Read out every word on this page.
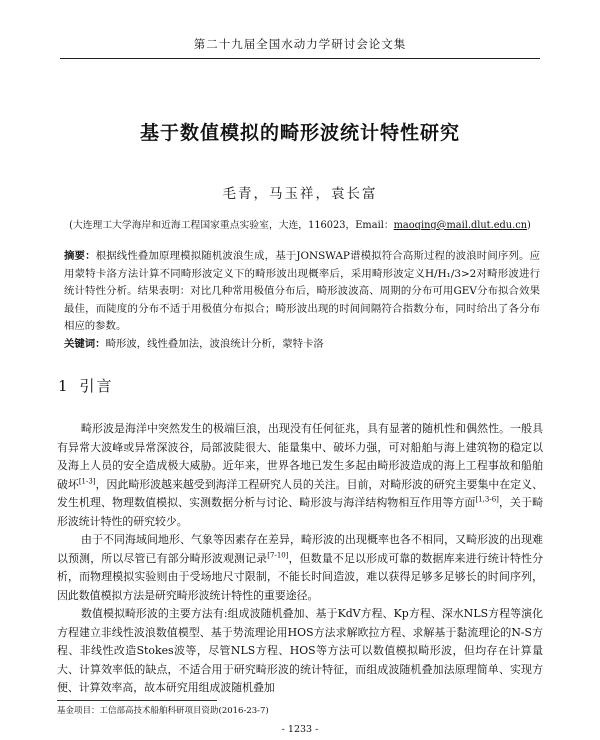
第二十九届全国水动力学研讨会论文集
基于数值模拟的畸形波统计特性研究
毛青，马玉祥，袁长富
(大连理工大学海岸和近海工程国家重点实验室，大连，116023，Email：maoqing@mail.dlut.edu.cn)
摘要：根据线性叠加原理模拟随机波浪生成，基于JONSWAP谱模拟符合高斯过程的波浪时间序列。应用蒙特卡洛方法计算不同畸形波定义下的畸形波出现概率后，采用畸形波定义H/H₁/3>2对畸形波进行统计特性分析。结果表明：对比几种常用极值分布后，畸形波波高、周期的分布可用GEV分布拟合效果最佳，而陡度的分布不适于用极值分布拟合；畸形波出现的时间间隔符合指数分布，同时给出了各分布相应的参数。
关键词：畸形波，线性叠加法，波浪统计分析，蒙特卡洛
1 引言

畸形波是海洋中突然发生的极端巨浪，出现没有任何征兆，具有显著的随机性和偶然性。一般具有异常大波峰或异常深波谷，局部波陡很大、能量集中、破坏力强，可对船舶与海上建筑物的稳定以及海上人员的安全造成极大威胁。近年来，世界各地已发生多起由畸形波造成的海上工程事故和船舶破坏[1-3]，因此畸形波越来越受到海洋工程研究人员的关注。目前，对畸形波的研究主要集中在定义、发生机理、物理数值模拟、实测数据分析与讨论、畸形波与海洋结构物相互作用等方面[1,3-6]，关于畸形波统计特性的研究较少。

由于不同海域间地形、气象等因素存在差异，畸形波的出现概率也各不相同，又畸形波的出现难以预测，所以尽管已有部分畸形波观测记录[7-10]，但数量不足以形成可靠的数据库来进行统计特性分析，而物理模拟实验则由于受场地尺寸限制，不能长时间造波，难以获得足够多足够长的时间序列，因此数值模拟方法是研究畸形波统计特性的重要途径。

数值模拟畸形波的主要方法有:组成波随机叠加、基于KdV方程、Kp方程、深水NLS方程等演化方程建立非线性波浪数值模型、基于势流理论用HOS方法求解欧拉方程、求解基于黏流理论的N-S方程、非线性改造Stokes波等，尽管NLS方程、HOS等方法可以数值模拟畸形波，但均存在计算量大、计算效率低的缺点，不适合用于研究畸形波的统计特征，而组成波随机叠加法原理简单、实现方便、计算效率高，故本研究用组成波随机叠加

基金项目：工信部高技术船舶科研项目资助(2016-23-7)
- 1233 -
